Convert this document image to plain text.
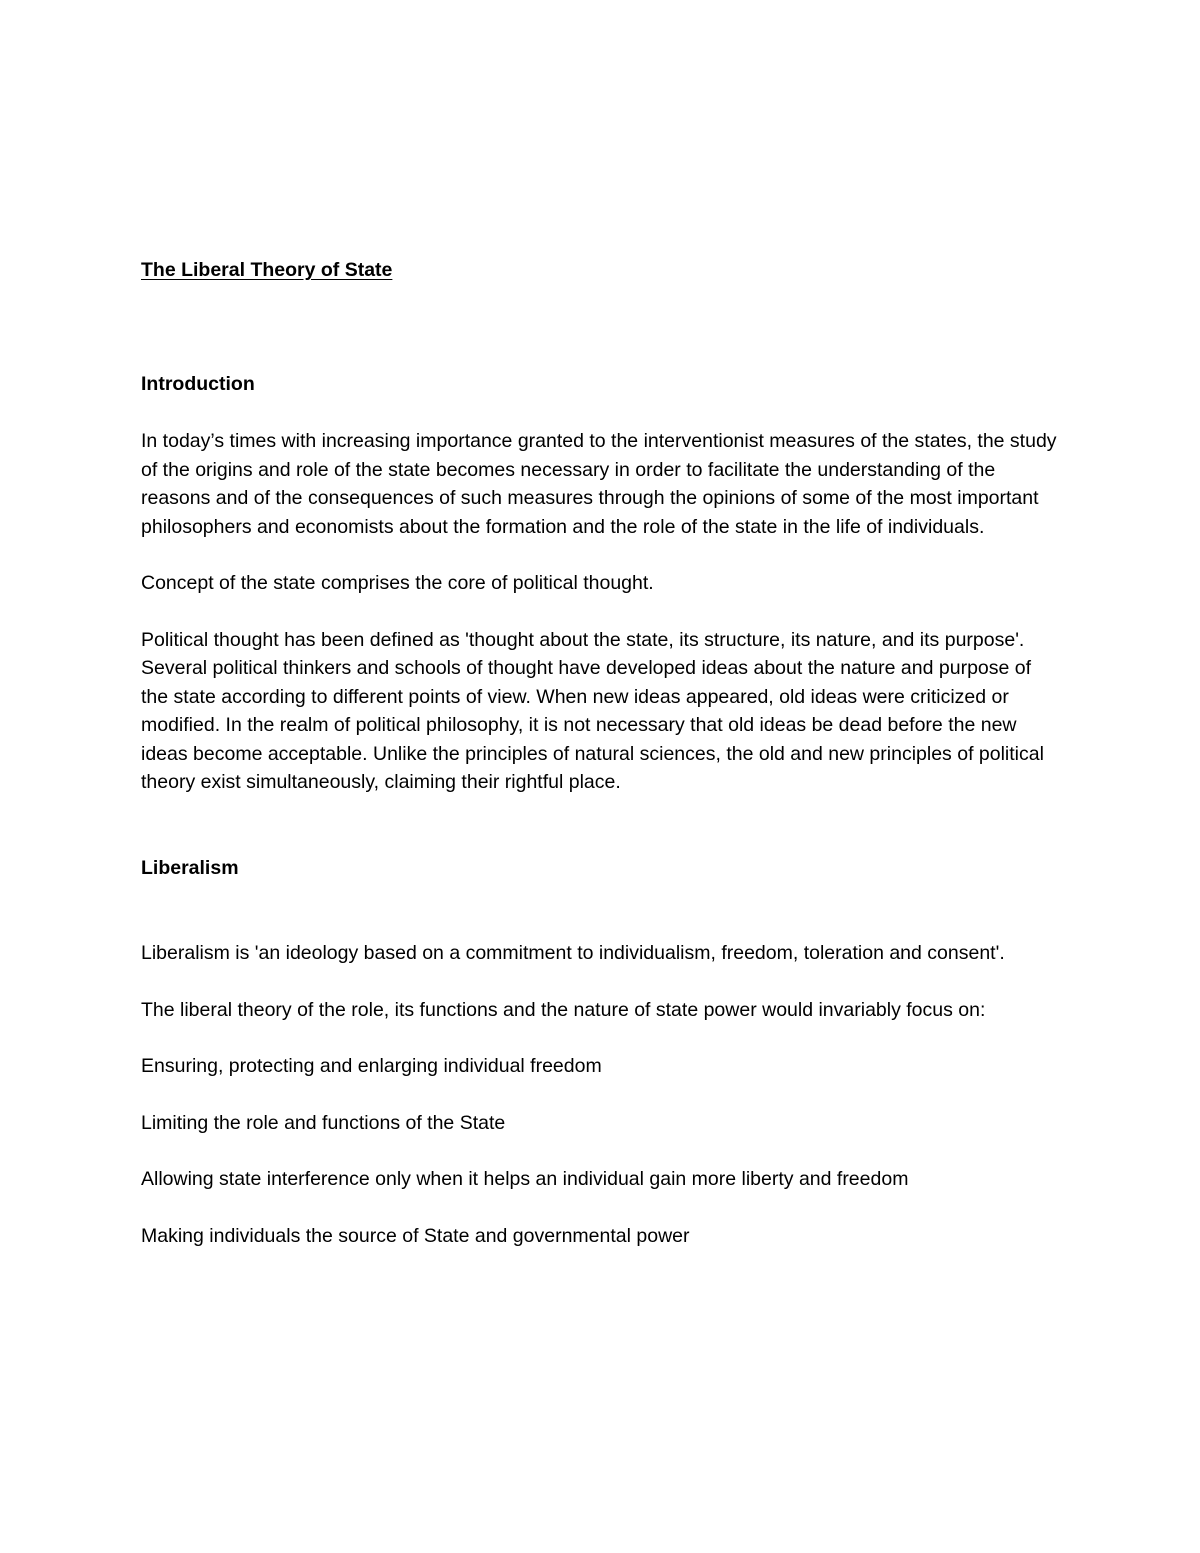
The Liberal Theory of State
Introduction

In today’s times with increasing importance granted to the interventionist measures of the states, the study of the origins and role of the state becomes necessary in order to facilitate the understanding of the reasons and of the consequences of such measures through the opinions of some of the most important philosophers and economists about the formation and the role of the state in the life of individuals.

Concept of the state comprises the core of political thought.

Political thought has been defined as 'thought about the state, its structure, its nature, and its purpose'. Several political thinkers and schools of thought have developed ideas about the nature and purpose of the state according to different points of view. When new ideas appeared, old ideas were criticized or modified. In the realm of political philosophy, it is not necessary that old ideas be dead before the new ideas become acceptable. Unlike the principles of natural sciences, the old and new principles of political theory exist simultaneously, claiming their rightful place.

Liberalism

Liberalism is 'an ideology based on a commitment to individualism, freedom, toleration and consent'.

The liberal theory of the role, its functions and the nature of state power would invariably focus on:

Ensuring, protecting and enlarging individual freedom

Limiting the role and functions of the State

Allowing state interference only when it helps an individual gain more liberty and freedom

Making individuals the source of State and governmental power
